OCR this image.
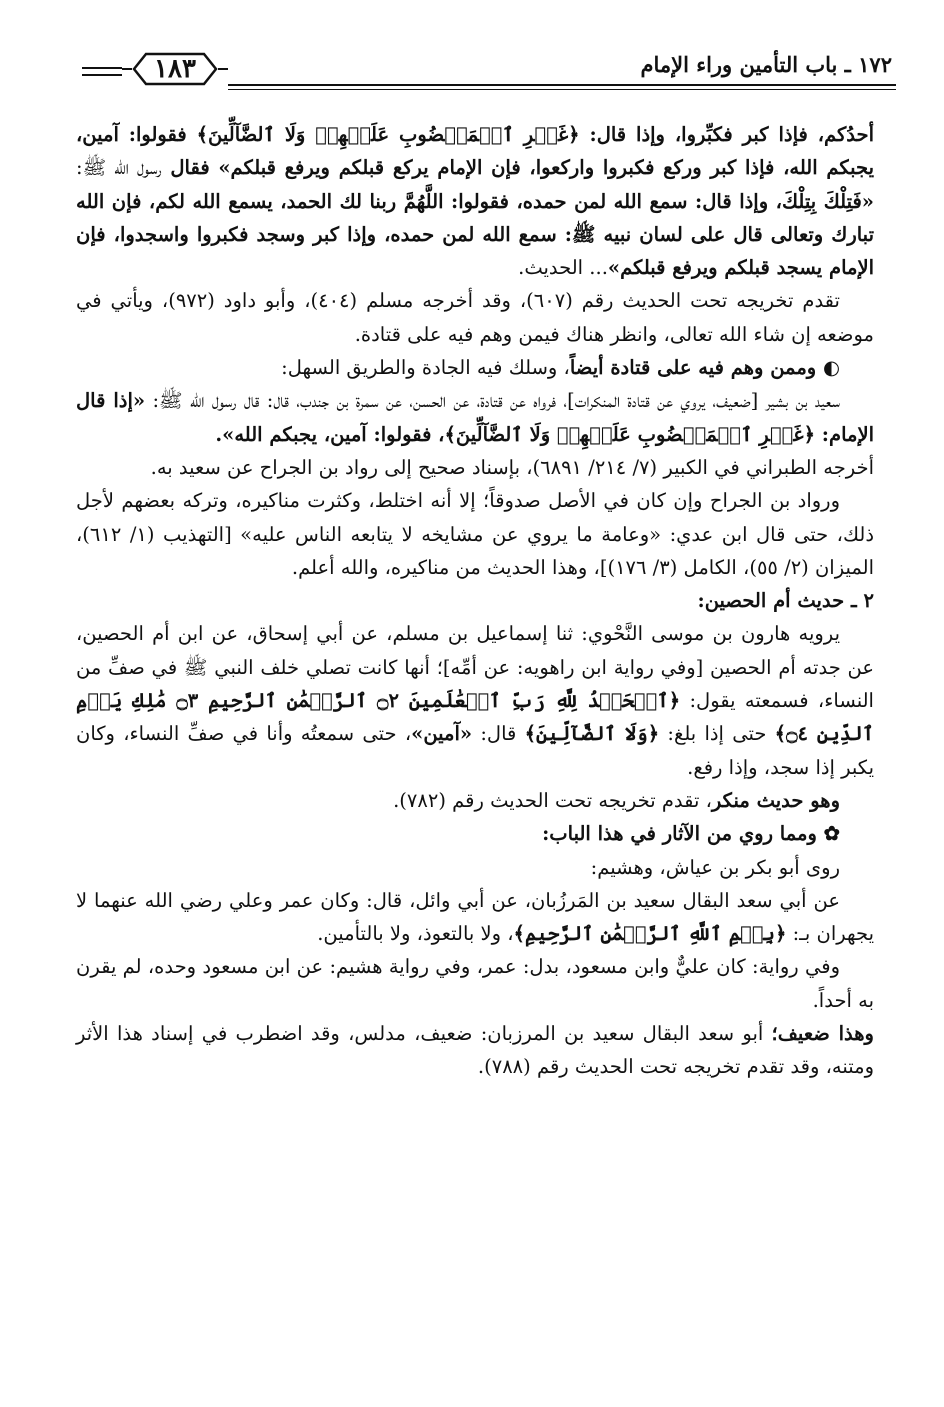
١٧٢ ـ باب التأمين وراء الإمام
١٨٣

أحدُكم، فإذا كبر فكبِّروا، وإذا قال: ﴿غَيۡرِ ٱلۡمَغۡضُوبِ عَلَيۡهِمۡ وَلَا ٱلضَّآلِّينَ﴾ فقولوا: آمين، يجبكم الله، فإذا كبر وركع فكبروا واركعوا، فإن الإمام يركع قبلكم ويرفع قبلكم» فقال رسول الله ﷺ: «فَتِلْكَ بِتِلْكَ، وإذا قال: سمع الله لمن حمده، فقولوا: اللَّهُمَّ ربنا لك الحمد، يسمع الله لكم، فإن الله تبارك وتعالى قال على لسان نبيه ﷺ: سمع الله لمن حمده، وإذا كبر وسجد فكبروا واسجدوا، فإن الإمام يسجد قبلكم ويرفع قبلكم»... الحديث.

تقدم تخريجه تحت الحديث رقم (٦٠٧)، وقد أخرجه مسلم (٤٠٤)، وأبو داود (٩٧٢)، ويأتي في موضعه إن شاء الله تعالى، وانظر هناك فيمن وهم فيه على قتادة.

◐ وممن وهم فيه على قتادة أيضاً، وسلك فيه الجادة والطريق السهل:

سعيد بن بشير [ضعيف، يروي عن قتادة المنكرات]، فرواه عن قتادة، عن الحسن، عن سمرة بن جندب، قال: قال رسول الله ﷺ: «إذا قال الإمام: ﴿غَيۡرِ ٱلۡمَغۡضُوبِ عَلَيۡهِمۡ وَلَا ٱلضَّآلِّينَ﴾، فقولوا: آمين، يجبكم الله».

أخرجه الطبراني في الكبير (٧/ ٢١٤/ ٦٨٩١)، بإسناد صحيح إلى رواد بن الجراح عن سعيد به.

ورواد بن الجراح وإن كان في الأصل صدوقاً؛ إلا أنه اختلط، وكثرت مناكيره، وتركه بعضهم لأجل ذلك، حتى قال ابن عدي: «وعامة ما يروي عن مشايخه لا يتابعه الناس عليه» [التهذيب (١/ ٦١٢)، الميزان (٢/ ٥٥)، الكامل (٣/ ١٧٦)]، وهذا الحديث من مناكيره، والله أعلم.

٢ ـ حديث أم الحصين:

يرويه هارون بن موسى النَّحْوي: ثنا إسماعيل بن مسلم، عن أبي إسحاق، عن ابن أم الحصين، عن جدته أم الحصين [وفي رواية ابن راهويه: عن أمِّه]؛ أنها كانت تصلي خلف النبي ﷺ في صفِّ من النساء، فسمعته يقول: ﴿ٱلۡحَمۡدُ لِلَّهِ رَبِّ ٱلۡعَٰلَمِينَ ۝٢ ٱلرَّحۡمَٰنِ ٱلرَّحِيمِ ۝٣ مَٰلِكِ يَوۡمِ ٱلدِّينِ ۝٤﴾ حتى إذا بلغ: ﴿وَلَا ٱلضَّآلِّينَ﴾ قال: «آمين»، حتى سمعتُه وأنا في صفِّ النساء، وكان يكبر إذا سجد، وإذا رفع.

وهو حديث منكر، تقدم تخريجه تحت الحديث رقم (٧٨٢).

✿ ومما روي من الآثار في هذا الباب:

روى أبو بكر بن عياش، وهشيم:

عن أبي سعد البقال سعيد بن المَرزُبان، عن أبي وائل، قال: وكان عمر وعلي رضي الله عنهما لا يجهران بـ: ﴿بِسۡمِ ٱللَّهِ ٱلرَّحۡمَٰنِ ٱلرَّحِيمِ﴾، ولا بالتعوذ، ولا بالتأمين.

وفي رواية: كان عليٌّ وابن مسعود، بدل: عمر، وفي رواية هشيم: عن ابن مسعود وحده، لم يقرن به أحداً.

وهذا ضعيف؛ أبو سعد البقال سعيد بن المرزبان: ضعيف، مدلس، وقد اضطرب في إسناد هذا الأثر ومتنه، وقد تقدم تخريجه تحت الحديث رقم (٧٨٨).
